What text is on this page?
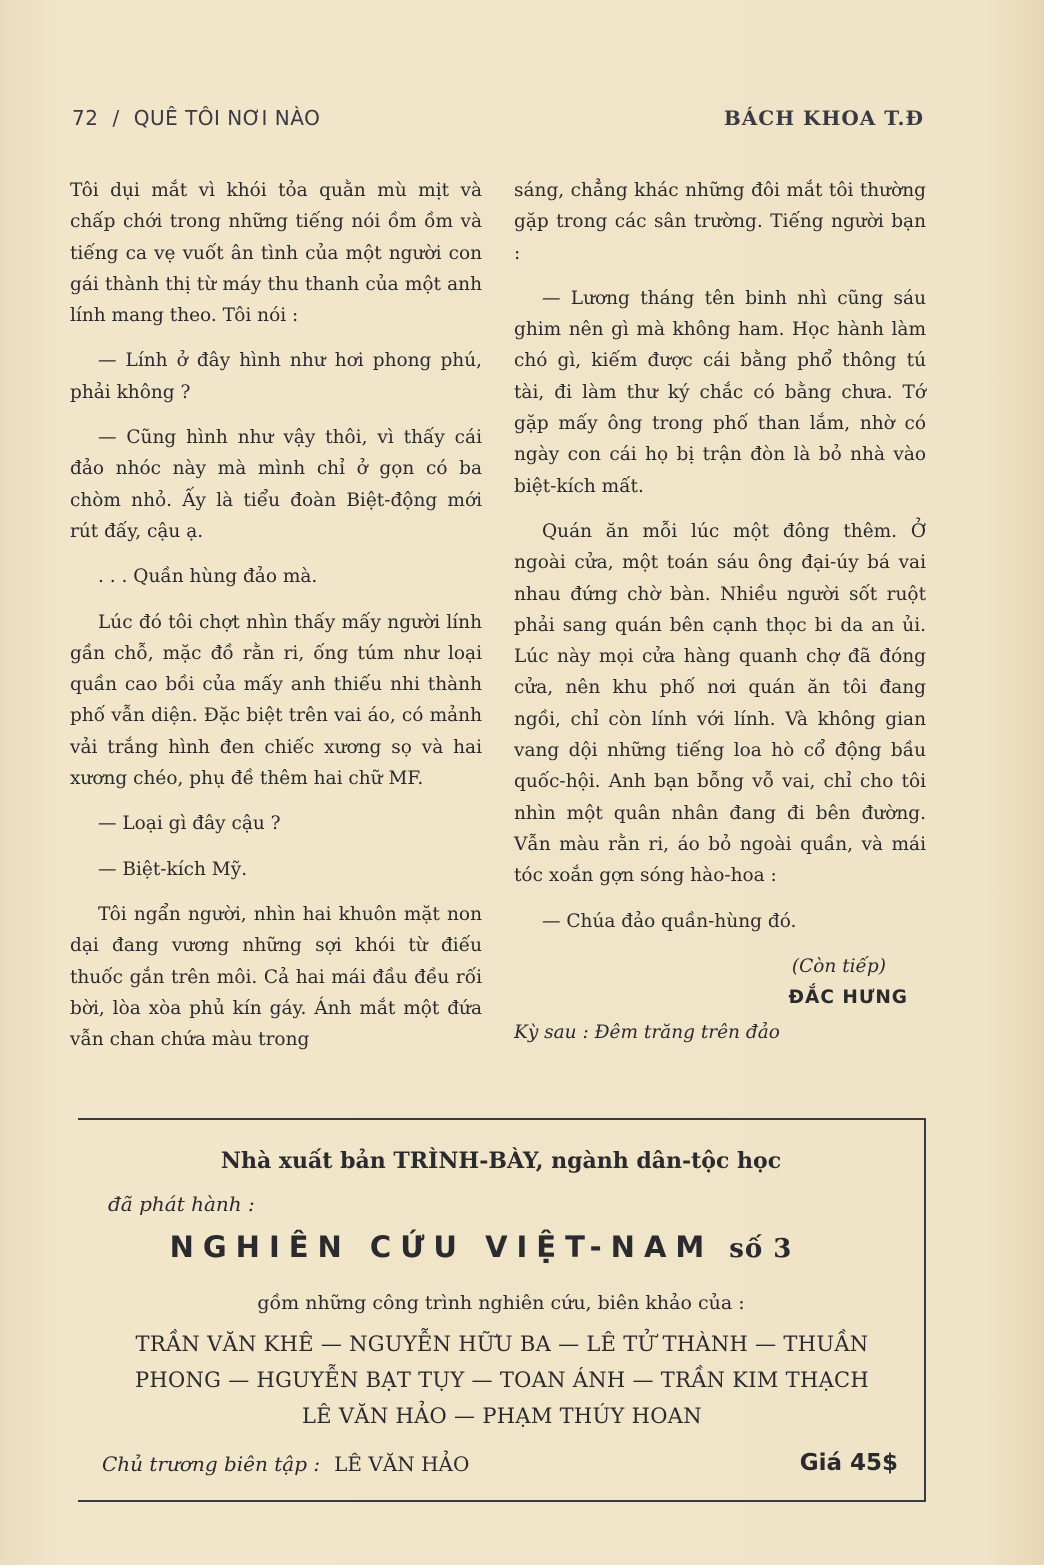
72 / QUÊ TÔI NƠI NÀO	BÁCH KHOA T.Đ

Tôi dụi mắt vì khói tỏa quằn mù mịt và chấp chới trong những tiếng nói ồm ồm và tiếng ca vẹ vuốt ân tình của một người con gái thành thị từ máy thu thanh của một anh lính mang theo. Tôi nói :

— Lính ở đây hình như hơi phong phú, phải không ?

— Cũng hình như vậy thôi, vì thấy cái đảo nhóc này mà mình chỉ ở gọn có ba chòm nhỏ. Ấy là tiểu đoàn Biệt-động mới rút đấy, cậu ạ.

. . . Quần hùng đảo mà.

Lúc đó tôi chợt nhìn thấy mấy người lính gần chỗ, mặc đồ rằn ri, ống túm như loại quần cao bồi của mấy anh thiếu nhi thành phố vẫn diện. Đặc biệt trên vai áo, có mảnh vải trắng hình đen chiếc xương sọ và hai xương chéo, phụ đề thêm hai chữ MF.

— Loại gì đây cậu ?

— Biệt-kích Mỹ.

Tôi ngẩn người, nhìn hai khuôn mặt non dại đang vương những sợi khói từ điếu thuốc gắn trên môi. Cả hai mái đầu đều rối bời, lòa xòa phủ kín gáy. Ánh mắt một đứa vẫn chan chứa màu trong

sáng, chẳng khác những đôi mắt tôi thường gặp trong các sân trường. Tiếng người bạn :

— Lương tháng tên binh nhì cũng sáu ghim nên gì mà không ham. Học hành làm chó gì, kiếm được cái bằng phổ thông tú tài, đi làm thư ký chắc có bằng chưa. Tớ gặp mấy ông trong phố than lắm, nhờ có ngày con cái họ bị trận đòn là bỏ nhà vào biệt-kích mất.

Quán ăn mỗi lúc một đông thêm. Ở ngoài cửa, một toán sáu ông đại-úy bá vai nhau đứng chờ bàn. Nhiều người sốt ruột phải sang quán bên cạnh thọc bi da an ủi. Lúc này mọi cửa hàng quanh chợ đã đóng cửa, nên khu phố nơi quán ăn tôi đang ngồi, chỉ còn lính với lính. Và không gian vang dội những tiếng loa hò cổ động bầu quốc-hội. Anh bạn bỗng vỗ vai, chỉ cho tôi nhìn một quân nhân đang đi bên đường. Vẫn màu rằn ri, áo bỏ ngoài quần, và mái tóc xoắn gợn sóng hào-hoa :

— Chúa đảo quần-hùng đó.

(Còn tiếp)

ĐẮC HƯNG

Kỳ sau : Đêm trăng trên đảo

Nhà xuất bản TRÌNH-BÀY, ngành dân-tộc học
đã phát hành :
NGHIÊN CỨU VIỆT-NAM số 3
gồm những công trình nghiên cứu, biên khảo của :
TRẦN VĂN KHÊ — NGUYỄN HỮU BA — LÊ TỬ THÀNH — THUẦN
PHONG — HGUYỄN BẠT TỤY — TOAN ÁNH — TRẦN KIM THẠCH
LÊ VĂN HẢO — PHẠM THÚY HOAN
Chủ trương biên tập : LÊ VĂN HẢO	Giá 45$
